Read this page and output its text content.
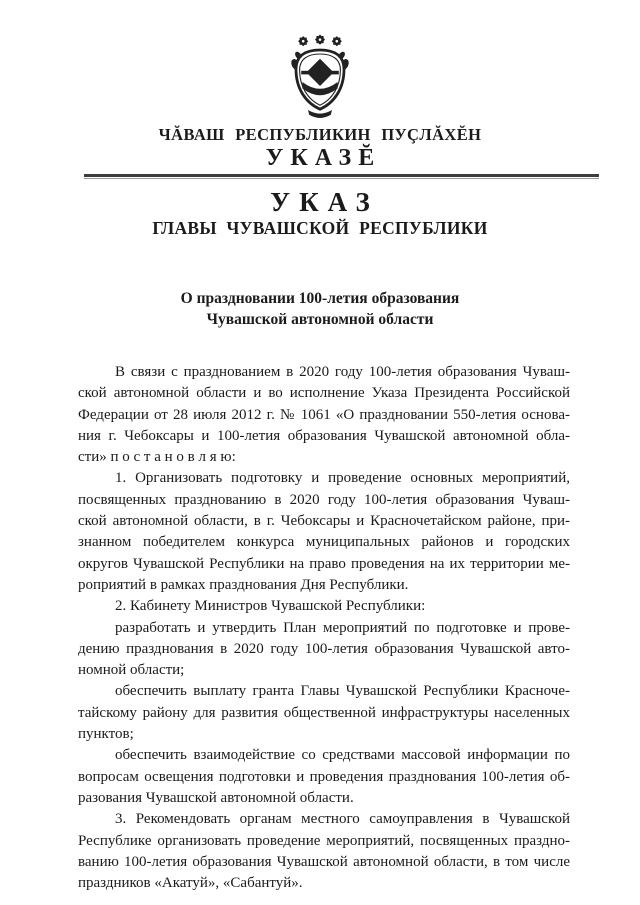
ЧĂВАШ РЕСПУБЛИКИН ПУÇЛĂХĔН
УКАЗĔ
УКАЗ
ГЛАВЫ ЧУВАШСКОЙ РЕСПУБЛИКИ
О праздновании 100-летия образования
Чувашской автономной области
В связи с празднованием в 2020 году 100-летия образования Чуваш-
ской автономной области и во исполнение Указа Президента Российской
Федерации от 28 июля 2012 г. № 1061 «О праздновании 550-летия основа-
ния г. Чебоксары и 100-летия образования Чувашской автономной обла-
сти» п о с т а н о в л я ю:
1. Организовать подготовку и проведение основных мероприятий,
посвященных празднованию в 2020 году 100-летия образования Чуваш-
ской автономной области, в г. Чебоксары и Красночетайском районе, при-
знанном победителем конкурса муниципальных районов и городских
округов Чувашской Республики на право проведения на их территории ме-
роприятий в рамках празднования Дня Республики.
2. Кабинету Министров Чувашской Республики:
разработать и утвердить План мероприятий по подготовке и прове-
дению празднования в 2020 году 100-летия образования Чувашской авто-
номной области;
обеспечить выплату гранта Главы Чувашской Республики Красноче-
тайскому району для развития общественной инфраструктуры населенных
пунктов;
обеспечить взаимодействие со средствами массовой информации по
вопросам освещения подготовки и проведения празднования 100-летия об-
разования Чувашской автономной области.
3. Рекомендовать органам местного самоуправления в Чувашской
Республике организовать проведение мероприятий, посвященных праздно-
ванию 100-летия образования Чувашской автономной области, в том числе
праздников «Акатуй», «Сабантуй».
